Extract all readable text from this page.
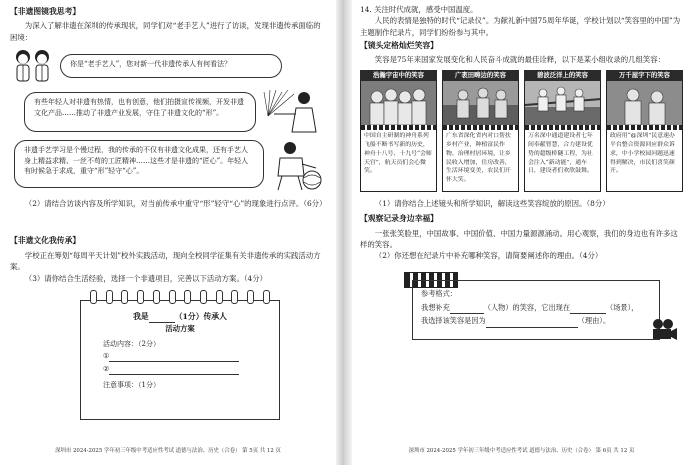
【非遗图镜我思考】

为深入了解非遗在深圳的传承现状，同学们对“老手艺人”进行了访谈，发现非遗传承面临的困境：

你是“老手艺人”，您对新一代非遗传承人有何看法？
有些年轻人对非遗有热情，也有创意，他们拍摄宣传视频，开发非遗文化产品……推动了非遗产业发展，守住了非遗文化的“形”。
非遗手艺学习是个慢过程，我的传承的不仅有非遗文化成果，还有手艺人身上精益求精、一丝不苟的工匠精神……这些才是非遗的“匠心”。年轻人有时候急于求成，重守“形”轻守“心”。

（2）请结合访谈内容及所学知识，对当前传承中重守“形”轻守“心”的现象进行点评。（6分）

【非遗文化我传承】

学校正在筹划“每周平天计划”校外实践活动，现向全校同学征集有关非遗传承的实践活动方案。

（3）请你结合生活经验，选择一个非遗项目，完善以下活动方案。（4分）

我是	（1分）传承人
活动方案
活动内容：（2分）
①
②
注意事项：（1分）
深圳市 2024-2025 学年初三年级中考适应性考试 道德与法治、历史（合卷） 第 5页 共 12 页

14. 关注时代成就，感受中国温度。

人民的表情是独特的时代“记录仪”。为献礼新中国75周年华诞，学校计划以“笑容里的中国”为主题制作纪录片，同学们纷纷参与其中。

【镜头定格灿烂笑容】

笑容是75年来国家发展变化和人民奋斗成就的最佳诠释，以下是某小组收录的几组笑容：

浩瀚宇宙中的笑容
中国自主研制的神舟系列飞船不断书写新的历史，神舟十八号、十九号“会师天宫”，航天员们会心微笑。
广袤田畴边的笑容
广东省深化省内对口帮扶乡村产业，种植富民作物，治理村居环境，让乡民收入增加，住房改善，生活环境变美，农民们开怀大笑。
碧波泛洋上的笑容
万名深中通道建设者七年间奉献智慧，合力建设优势的超级桥隧工程，为社会注入“新动能”，通车日，建设者们欢欣鼓舞。
万千屋宇下的笑容
政府用“@深圳”民意速办平台整合资源回应群众诉求，中小学校园问题迅速得到解决，市民们喜笑颜开。

（1）请你结合上述镜头和所学知识，解读这些笑容绽放的原因。（8分）

【观察记录身边幸福】

一张张笑脸里，中国故事、中国价值、中国力量源源涌动。用心观察，我们的身边也有许多这样的笑容。

（2）你还想在纪录片中补充哪种笑容，请简要阐述你的理由。（4分）

参考格式：
我想补充	（人物）的笑容，它出现在	（场景），
我选择该笑容是因为	（理由）。
深圳市 2024-2025 学年初三年级中考适应性考试 道德与法治、历史（合卷） 第 6页 共 12 页
